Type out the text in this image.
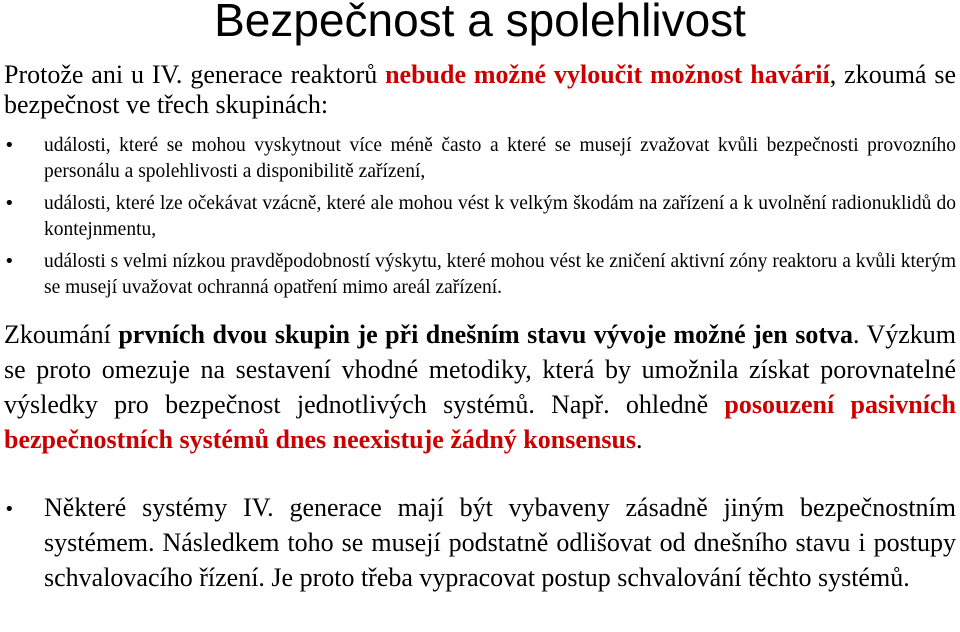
Bezpečnost a spolehlivost

Protože ani u IV. generace reaktorů nebude možné vyloučit možnost havárií, zkoumá se bezpečnost ve třech skupinách:

• události, které se mohou vyskytnout více méně často a které se musejí zvažovat kvůli bezpečnosti provozního personálu a spolehlivosti a disponibilitě zařízení,
• události, které lze očekávat vzácně, které ale mohou vést k velkým škodám na zařízení a k uvolnění radionuklidů do kontejnmentu,
• události s velmi nízkou pravděpodobností výskytu, které mohou vést ke zničení aktivní zóny reaktoru a kvůli kterým se musejí uvažovat ochranná opatření mimo areál zařízení.

Zkoumání prvních dvou skupin je při dnešním stavu vývoje možné jen sotva. Výzkum se proto omezuje na sestavení vhodné metodiky, která by umožnila získat porovnatelné výsledky pro bezpečnost jednotlivých systémů. Např. ohledně posouzení pasivních bezpečnostních systémů dnes neexistuje žádný konsensus.

• Některé systémy IV. generace mají být vybaveny zásadně jiným bezpečnostním systémem. Následkem toho se musejí podstatně odlišovat od dnešního stavu i postupy schvalovacího řízení. Je proto třeba vypracovat postup schvalování těchto systémů.
